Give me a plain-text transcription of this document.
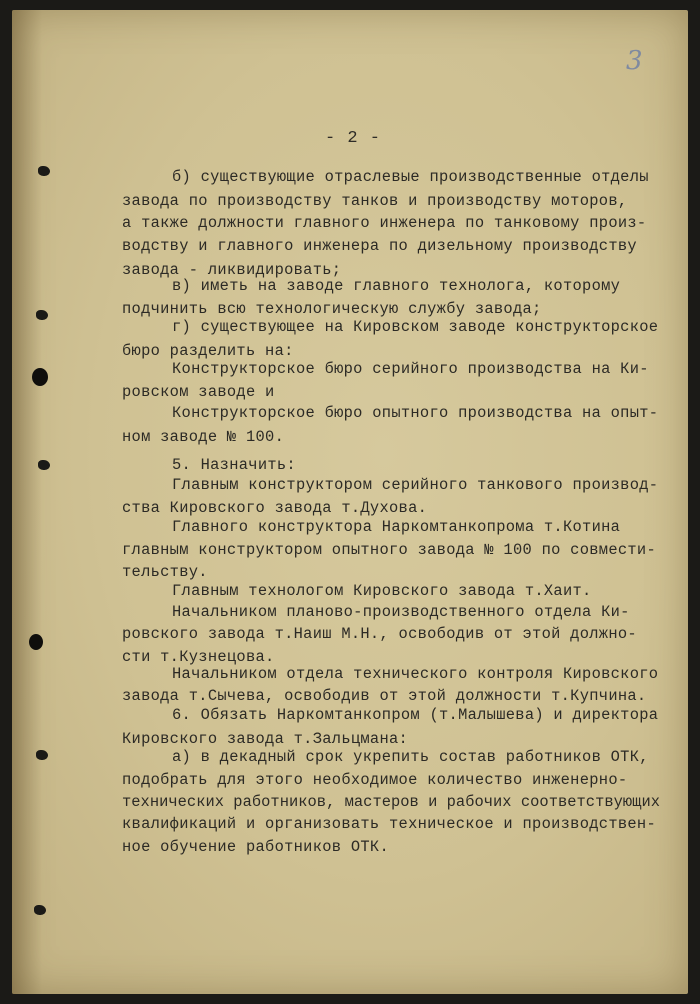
3
- 2 -
б) существующие отраслевые производственные отделы
завода по производству танков и производству моторов,
а также должности главного инженера по танковому произ-
водству и главного инженера по дизельному производству
завода - ликвидировать;
в) иметь на заводе главного технолога, которому
подчинить всю технологическую службу завода;
г) существующее на Кировском заводе конструкторское
бюро разделить на:
Конструкторское бюро серийного производства на Ки-
ровском заводе и
Конструкторское бюро опытного производства на опыт-
ном заводе № 100.
5. Назначить:
Главным конструктором серийного танкового производ-
ства Кировского завода т.Духова.
Главного конструктора Наркомтанкопрома т.Котина
главным конструктором опытного завода № 100 по совмести-
тельству.
Главным технологом Кировского завода т.Хаит.
Начальником планово-производственного отдела Ки-
ровского завода т.Наиш М.Н., освободив от этой должно-
сти т.Кузнецова.
Начальником отдела технического контроля Кировского
завода т.Сычева, освободив от этой должности т.Купчина.
6. Обязать Наркомтанкопром (т.Малышева) и директора
Кировского завода т.Зальцмана:
а) в декадный срок укрепить состав работников ОТК,
подобрать для этого необходимое количество инженерно-
технических работников, мастеров и рабочих соответствующих
квалификаций и организовать техническое и производствен-
ное обучение работников ОТК.
